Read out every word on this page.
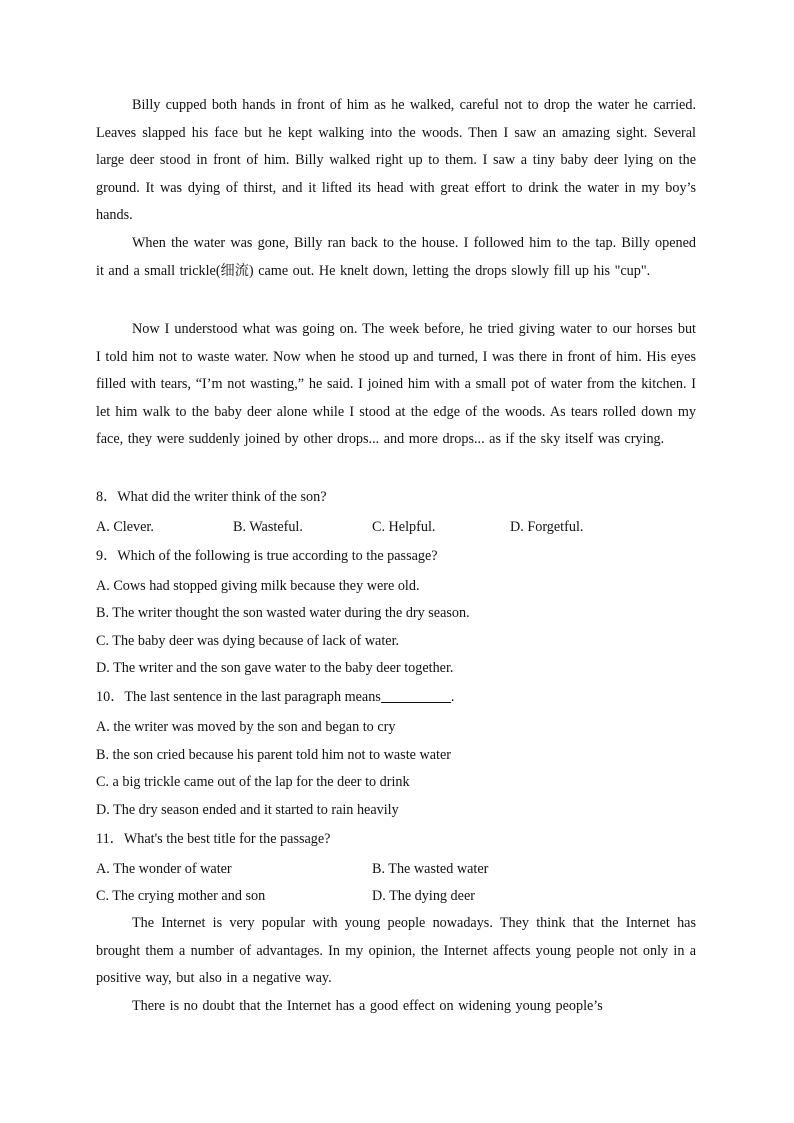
Billy cupped both hands in front of him as he walked, careful not to drop the water he carried. Leaves slapped his face but he kept walking into the woods. Then I saw an amazing sight. Several large deer stood in front of him. Billy walked right up to them. I saw a tiny baby deer lying on the ground. It was dying of thirst, and it lifted its head with great effort to drink the water in my boy’s hands.

When the water was gone, Billy ran back to the house. I followed him to the tap. Billy opened it and a small trickle(细流) came out. He knelt down, letting the drops slowly fill up his "cup".

Now I understood what was going on. The week before, he tried giving water to our horses but I told him not to waste water. Now when he stood up and turned, I was there in front of him. His eyes filled with tears, “I’m not wasting,” he said. I joined him with a small pot of water from the kitchen. I let him walk to the baby deer alone while I stood at the edge of the woods. As tears rolled down my face, they were suddenly joined by other drops... and more drops... as if the sky itself was crying.

8．What did the writer think of the son?
A. Clever.	B. Wasteful.	C. Helpful.	D. Forgetful.
9．Which of the following is true according to the passage?
A. Cows had stopped giving milk because they were old.
B. The writer thought the son wasted water during the dry season.
C. The baby deer was dying because of lack of water.
D. The writer and the son gave water to the baby deer together.
10．The last sentence in the last paragraph means	.
A. the writer was moved by the son and began to cry
B. the son cried because his parent told him not to waste water
C. a big trickle came out of the lap for the deer to drink
D. The dry season ended and it started to rain heavily
11．What's the best title for the passage?
A. The wonder of water	B. The wasted water
C. The crying mother and son	D. The dying deer

The Internet is very popular with young people nowadays. They think that the Internet has brought them a number of advantages. In my opinion, the Internet affects young people not only in a positive way, but also in a negative way.

There is no doubt that the Internet has a good effect on widening young people’s
